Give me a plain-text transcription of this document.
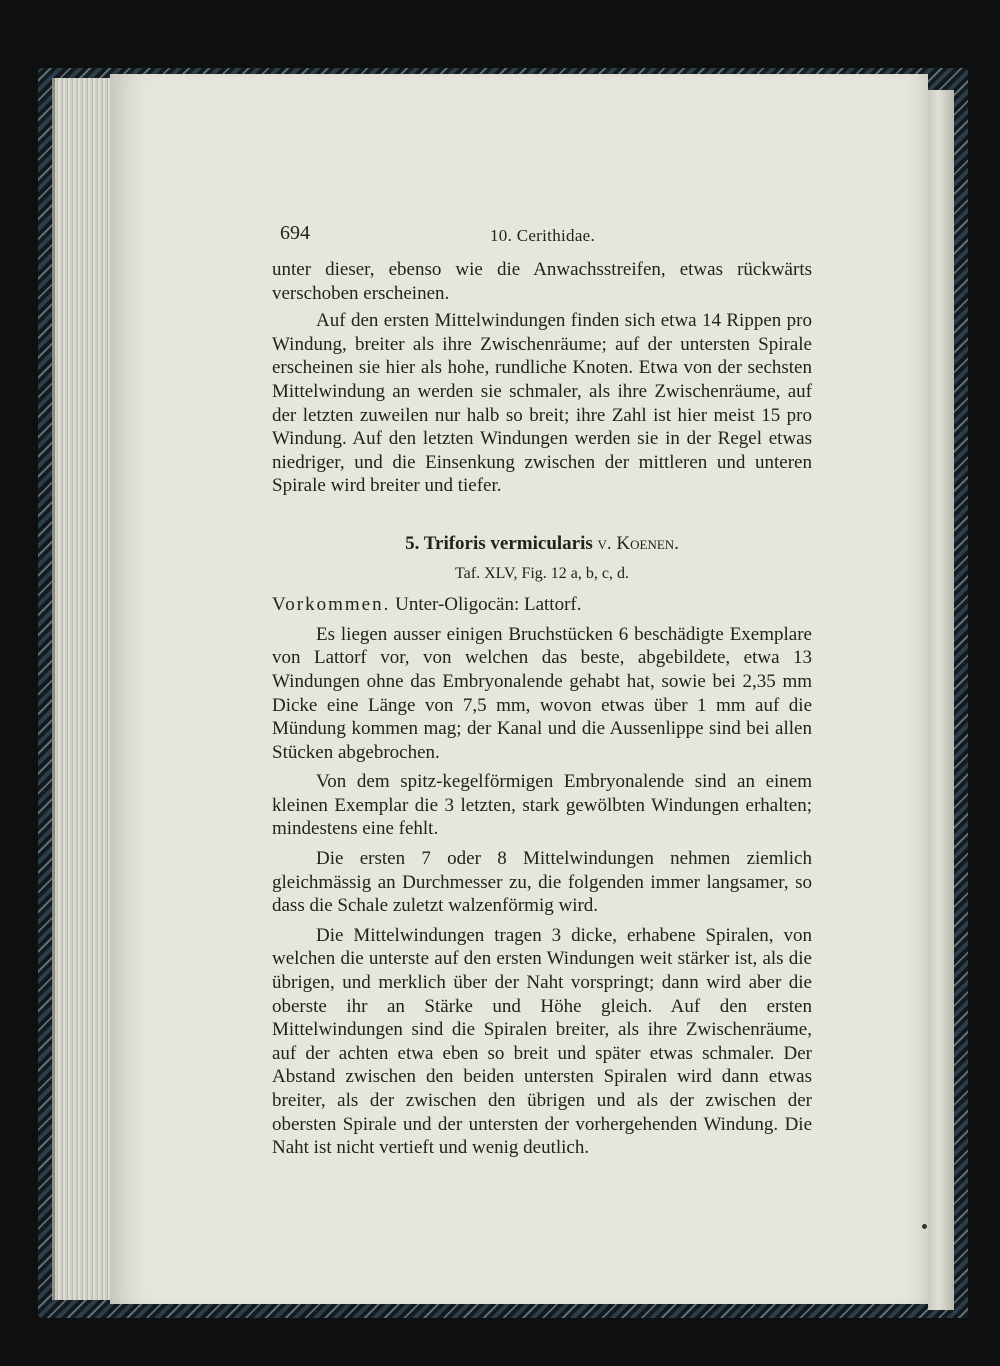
694	10. Cerithidae.

unter dieser, ebenso wie die Anwachsstreifen, etwas rückwärts verschoben erscheinen.

Auf den ersten Mittelwindungen finden sich etwa 14 Rippen pro Windung, breiter als ihre Zwischenräume; auf der untersten Spirale erscheinen sie hier als hohe, rundliche Knoten. Etwa von der sechsten Mittelwindung an werden sie schmaler, als ihre Zwischenräume, auf der letzten zuweilen nur halb so breit; ihre Zahl ist hier meist 15 pro Windung. Auf den letzten Windungen werden sie in der Regel etwas niedriger, und die Einsenkung zwischen der mittleren und unteren Spirale wird breiter und tiefer.

5. Triforis vermicularis v. Koenen.
Taf. XLV, Fig. 12 a, b, c, d.

Vorkommen. Unter-Oligocän: Lattorf.

Es liegen ausser einigen Bruchstücken 6 beschädigte Exemplare von Lattorf vor, von welchen das beste, abgebildete, etwa 13 Windungen ohne das Embryonalende gehabt hat, sowie bei 2,35 mm Dicke eine Länge von 7,5 mm, wovon etwas über 1 mm auf die Mündung kommen mag; der Kanal und die Aussenlippe sind bei allen Stücken abgebrochen.

Von dem spitz-kegelförmigen Embryonalende sind an einem kleinen Exemplar die 3 letzten, stark gewölbten Windungen erhalten; mindestens eine fehlt.

Die ersten 7 oder 8 Mittelwindungen nehmen ziemlich gleichmässig an Durchmesser zu, die folgenden immer langsamer, so dass die Schale zuletzt walzenförmig wird.

Die Mittelwindungen tragen 3 dicke, erhabene Spiralen, von welchen die unterste auf den ersten Windungen weit stärker ist, als die übrigen, und merklich über der Naht vorspringt; dann wird aber die oberste ihr an Stärke und Höhe gleich. Auf den ersten Mittelwindungen sind die Spiralen breiter, als ihre Zwischenräume, auf der achten etwa eben so breit und später etwas schmaler. Der Abstand zwischen den beiden untersten Spiralen wird dann etwas breiter, als der zwischen den übrigen und als der zwischen der obersten Spirale und der untersten der vorhergehenden Windung. Die Naht ist nicht vertieft und wenig deutlich.
